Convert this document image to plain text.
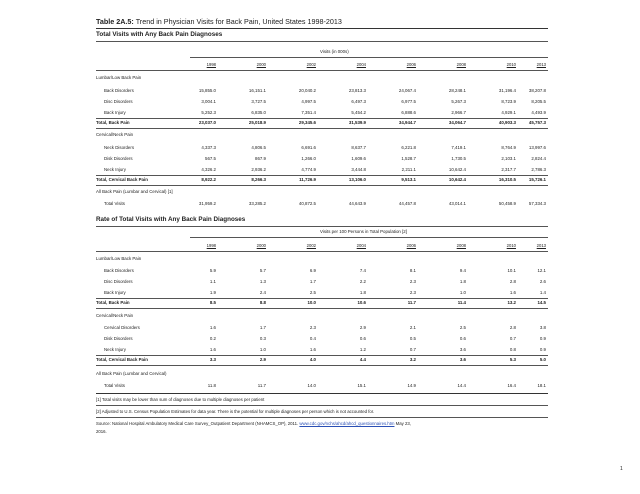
Table 2A.5: Trend in Physician Visits for Back Pain, United States 1998-2013
Total Visits with Any Back Pain Diagnoses
Visits (in 000s)
1998	2000	2002	2004	2006	2008	2010	2013
Lumbar/Low Back Pain
Back Disorders	15,855.0	16,151.1	20,040.2	23,813.3	24,067.4	28,248.1	31,196.4	38,207.8
Disc Disorders	3,004.1	3,727.5	4,997.5	6,497.3	6,977.5	5,267.3	8,723.9	8,205.5
Back Injury	5,252.3	6,835.0	7,351.4	5,454.2	6,888.6	2,966.7	4,929.1	4,493.9
Total, Back Pain	23,037.0	25,018.9	29,345.6	31,539.9	34,944.7	34,064.7	40,903.3	45,757.3
Cervical/Neck Pain
Neck Disorders	4,337.3	4,806.5	6,691.6	8,637.7	6,221.8	7,419.1	8,764.9	13,997.6
Disk Disorders	567.5	867.9	1,266.0	1,609.6	1,528.7	1,730.5	2,103.1	2,824.4
Neck Injury	4,326.2	2,936.2	4,774.9	3,444.8	2,211.1	10,642.4	2,317.7	2,786.3
Total, Cervical Back Pain	8,922.2	8,266.3	11,726.9	13,106.0	9,513.1	10,642.4	16,310.5	15,726.1
All Back Pain (Lumbar and Cervical) [1]
Total Visits	31,959.2	33,285.2	40,872.5	44,643.9	44,457.8	43,014.1	50,458.9	57,334.3
Rate of Total Visits with Any Back Pain Diagnoses
Visits per 100 Persons in Total Population [2]
1998	2000	2002	2004	2006	2008	2010	2013
Lumbar/Low Back Pain
Back Disorders	5.9	5.7	6.9	7.4	8.1	9.4	10.1	12.1
Disc Disorders	1.1	1.3	1.7	2.2	2.3	1.8	2.8	2.6
Back Injury	1.9	2.4	2.5	1.8	2.3	1.0	1.6	1.4
Total, Back Pain	8.5	8.8	10.0	10.6	11.7	11.4	13.2	14.5
Cervical/Neck Pain
Cervical Disorders	1.6	1.7	2.3	2.9	2.1	2.5	2.8	3.8
Disk Disorders	0.2	0.3	0.4	0.6	0.5	0.6	0.7	0.9
Neck Injury	1.6	1.0	1.6	1.2	0.7	3.6	0.8	0.9
Total, Cervical Back Pain	3.3	2.9	4.0	4.4	3.2	3.6	5.3	5.0
All Back Pain (Lumbar and Cervical)
Total Visits	11.8	11.7	14.0	15.1	14.9	14.4	16.4	18.1
[1] Total visits may be lower than sum of diagnoses due to multiple diagnoses per patient
[2] Adjusted to U.S. Census Population Estimates for data year. There is the potential for multiple diagnoses per person which is not accounted for.
Source: National Hospital Ambulatory Medical Care Survey_Outpatient Department (NHAMCS_OP), 2011. www.cdc.gov/nchs/ahcd/ahcd_questionnaires.htm May 23,
2016.
1
